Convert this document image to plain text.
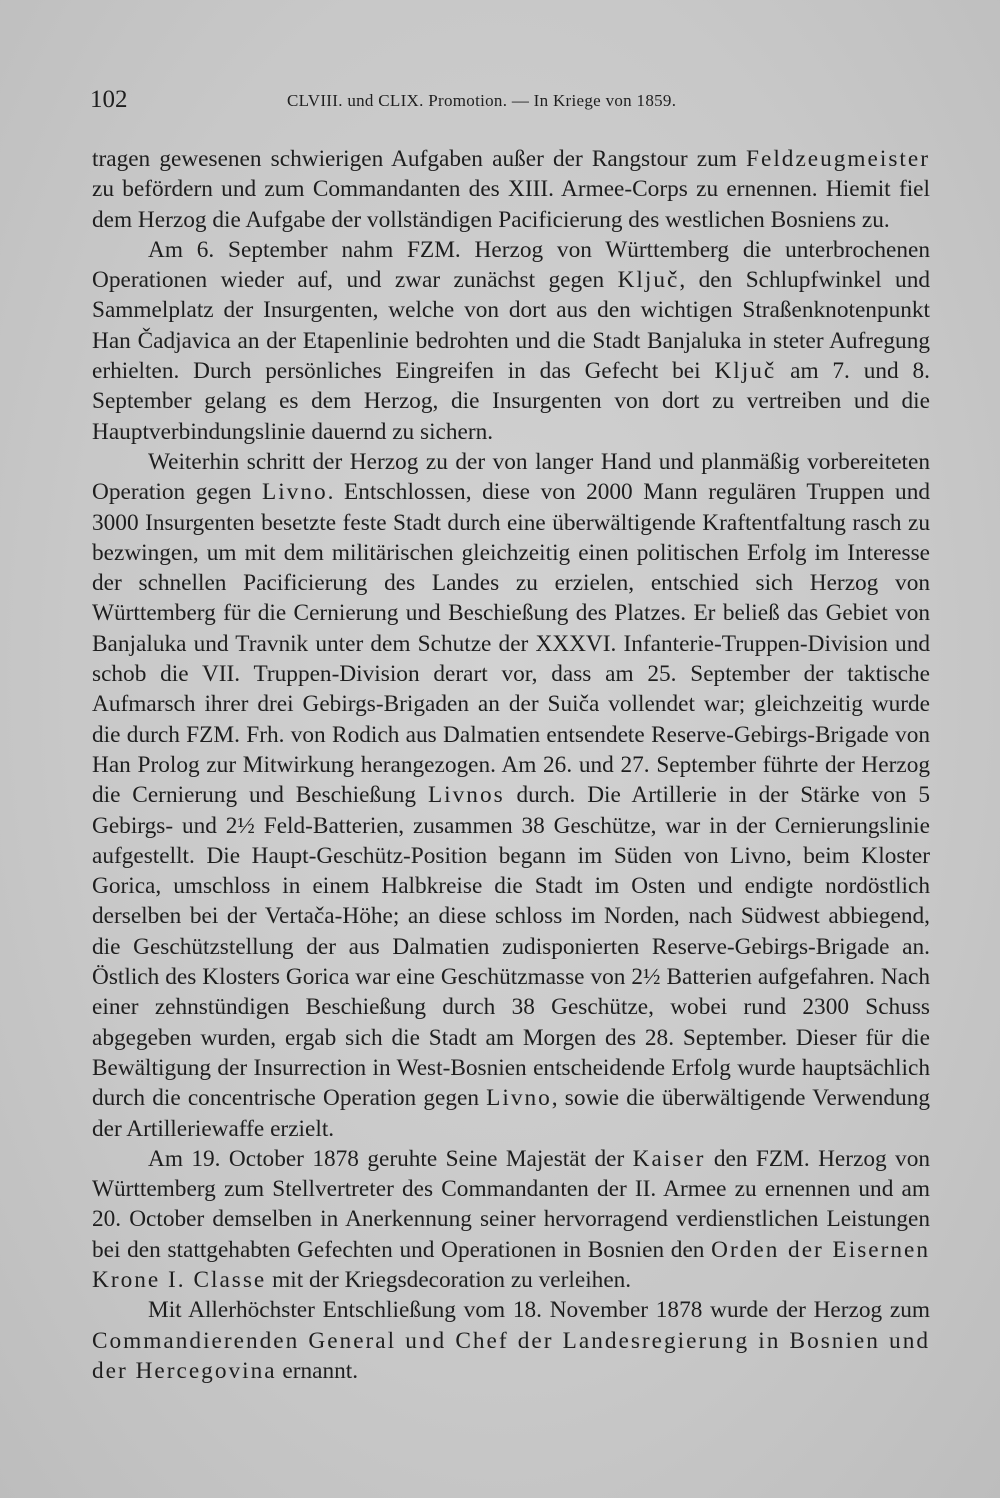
102	CLVIII. und CLIX. Promotion. — In Kriege von 1859.

tragen gewesenen schwierigen Aufgaben außer der Rangstour zum Feldzeugmeister zu befördern und zum Commandanten des XIII. Armee-Corps zu ernennen. Hiemit fiel dem Herzog die Aufgabe der vollständigen Pacificierung des westlichen Bosniens zu.

Am 6. September nahm FZM. Herzog von Württemberg die unterbrochenen Operationen wieder auf, und zwar zunächst gegen Ključ, den Schlupfwinkel und Sammelplatz der Insurgenten, welche von dort aus den wichtigen Straßenknotenpunkt Han Čadjavica an der Etapenlinie bedrohten und die Stadt Banjaluka in steter Aufregung erhielten. Durch persönliches Eingreifen in das Gefecht bei Ključ am 7. und 8. September gelang es dem Herzog, die Insurgenten von dort zu vertreiben und die Hauptverbindungslinie dauernd zu sichern.

Weiterhin schritt der Herzog zu der von langer Hand und planmäßig vorbereiteten Operation gegen Livno. Entschlossen, diese von 2000 Mann regulären Truppen und 3000 Insurgenten besetzte feste Stadt durch eine überwältigende Kraftentfaltung rasch zu bezwingen, um mit dem militärischen gleichzeitig einen politischen Erfolg im Interesse der schnellen Pacificierung des Landes zu erzielen, entschied sich Herzog von Württemberg für die Cernierung und Beschießung des Platzes. Er beließ das Gebiet von Banjaluka und Travnik unter dem Schutze der XXXVI. Infanterie-Truppen-Division und schob die VII. Truppen-Division derart vor, dass am 25. September der taktische Aufmarsch ihrer drei Gebirgs-Brigaden an der Suiča vollendet war; gleichzeitig wurde die durch FZM. Frh. von Rodich aus Dalmatien entsendete Reserve-Gebirgs-Brigade von Han Prolog zur Mitwirkung herangezogen. Am 26. und 27. September führte der Herzog die Cernierung und Beschießung Livnos durch. Die Artillerie in der Stärke von 5 Gebirgs- und 2½ Feld-Batterien, zusammen 38 Geschütze, war in der Cernierungslinie aufgestellt. Die Haupt-Geschütz-Position begann im Süden von Livno, beim Kloster Gorica, umschloss in einem Halbkreise die Stadt im Osten und endigte nordöstlich derselben bei der Vertača-Höhe; an diese schloss im Norden, nach Südwest abbiegend, die Geschützstellung der aus Dalmatien zudisponierten Reserve-Gebirgs-Brigade an. Östlich des Klosters Gorica war eine Geschützmasse von 2½ Batterien aufgefahren. Nach einer zehnstündigen Beschießung durch 38 Geschütze, wobei rund 2300 Schuss abgegeben wurden, ergab sich die Stadt am Morgen des 28. September. Dieser für die Bewältigung der Insurrection in West-Bosnien entscheidende Erfolg wurde hauptsächlich durch die concentrische Operation gegen Livno, sowie die überwältigende Verwendung der Artilleriewaffe erzielt.

Am 19. October 1878 geruhte Seine Majestät der Kaiser den FZM. Herzog von Württemberg zum Stellvertreter des Commandanten der II. Armee zu ernennen und am 20. October demselben in Anerkennung seiner hervorragend verdienstlichen Leistungen bei den stattgehabten Gefechten und Operationen in Bosnien den Orden der Eisernen Krone I. Classe mit der Kriegsdecoration zu verleihen.

Mit Allerhöchster Entschließung vom 18. November 1878 wurde der Herzog zum Commandierenden General und Chef der Landesregierung in Bosnien und der Hercegovina ernannt.
